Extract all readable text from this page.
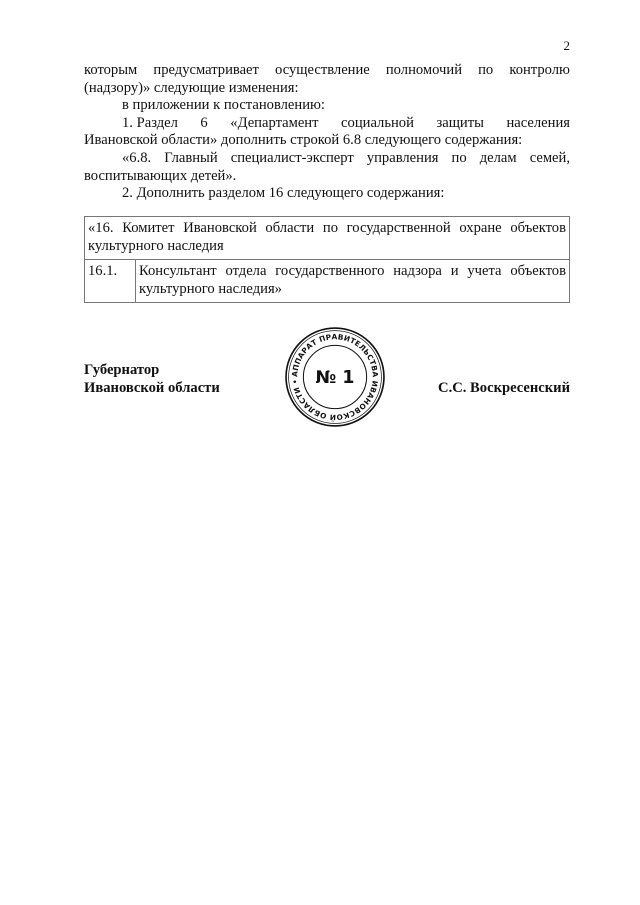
2

которым предусматривает осуществление полномочий по контролю

(надзору)» следующие изменения:

в приложении к постановлению:

1. Раздел 6 «Департамент социальной защиты населения

Ивановской области» дополнить строкой 6.8 следующего содержания:

«6.8. Главный специалист-эксперт управления по делам семей,

воспитывающих детей».

2. Дополнить разделом 16 следующего содержания:

«16. Комитет Ивановской области по государственной охране объектов культурного наследия
16.1.	Консультант отдела государственного надзора и учета объектов культурного наследия»
Губернатор
Ивановской области
АППАРАТ ПРАВИТЕЛЬСТВА ИВАНОВСКОЙ ОБЛАСТИ • № 1	С.С. Воскресенский
